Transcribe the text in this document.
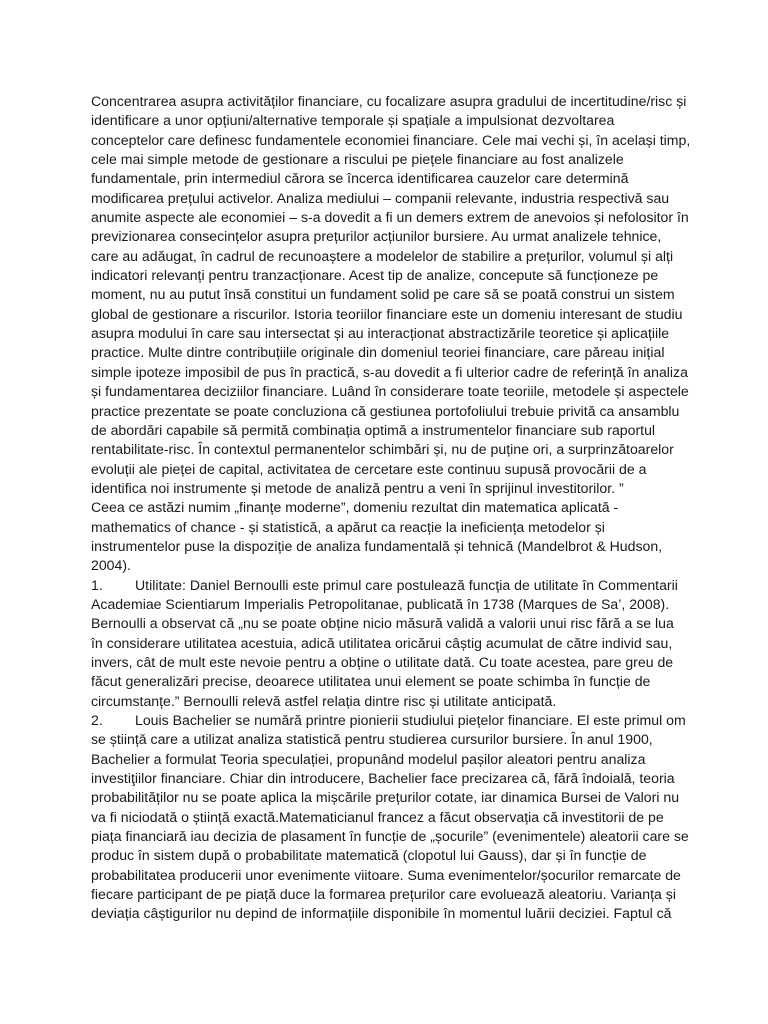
Concentrarea asupra activităților financiare, cu focalizare asupra gradului de incertitudine/risc și
identificare a unor opțiuni/alternative temporale și spațiale a impulsionat dezvoltarea
conceptelor care definesc fundamentele economiei financiare. Cele mai vechi și, în același timp,
cele mai simple metode de gestionare a riscului pe piețele financiare au fost analizele
fundamentale, prin intermediul cărora se încerca identificarea cauzelor care determină
modificarea prețului activelor. Analiza mediului – companii relevante, industria respectivă sau
anumite aspecte ale economiei – s-a dovedit a fi un demers extrem de anevoios și nefolositor în
previzionarea consecințelor asupra prețurilor acțiunilor bursiere. Au urmat analizele tehnice,
care au adăugat, în cadrul de recunoaștere a modelelor de stabilire a prețurilor, volumul și alți
indicatori relevanți pentru tranzacționare. Acest tip de analize, concepute să funcționeze pe
moment, nu au putut însă constitui un fundament solid pe care să se poată construi un sistem
global de gestionare a riscurilor. Istoria teoriilor financiare este un domeniu interesant de studiu
asupra modului în care sau intersectat și au interacționat abstractizările teoretice și aplicațiile
practice. Multe dintre contribuțiile originale din domeniul teoriei financiare, care păreau inițial
simple ipoteze imposibil de pus în practică, s-au dovedit a fi ulterior cadre de referință în analiza
și fundamentarea deciziilor financiare. Luând în considerare toate teoriile, metodele și aspectele
practice prezentate se poate concluziona că gestiunea portofoliului trebuie privită ca ansamblu
de abordări capabile să permită combinația optimă a instrumentelor financiare sub raportul
rentabilitate-risc. În contextul permanentelor schimbări și, nu de puține ori, a surprinzătoarelor
evoluții ale pieței de capital, activitatea de cercetare este continuu supusă provocării de a
identifica noi instrumente și metode de analiză pentru a veni în sprijinul investitorilor. ”
Ceea ce astăzi numim „finanțe moderne”, domeniu rezultat din matematica aplicată -
mathematics of chance - și statistică, a apărut ca reacție la ineficiența metodelor și
instrumentelor puse la dispoziție de analiza fundamentală și tehnică (Mandelbrot & Hudson,
2004).
1. Utilitate: Daniel Bernoulli este primul care postulează funcția de utilitate în Commentarii
Academiae Scientiarum Imperialis Petropolitanae, publicată în 1738 (Marques de Sa’, 2008).
Bernoulli a observat că „nu se poate obține nicio măsură validă a valorii unui risc fără a se lua
în considerare utilitatea acestuia, adică utilitatea oricărui câștig acumulat de către individ sau,
invers, cât de mult este nevoie pentru a obține o utilitate dată. Cu toate acestea, pare greu de
făcut generalizări precise, deoarece utilitatea unui element se poate schimba în funcție de
circumstanțe.” Bernoulli relevă astfel relația dintre risc și utilitate anticipată.
2. Louis Bachelier se numără printre pionierii studiului piețelor financiare. El este primul om
se științǎ care a utilizat analiza statistică pentru studierea cursurilor bursiere. În anul 1900,
Bachelier a formulat Teoria speculației, propunând modelul pașilor aleatori pentru analiza
investiţiilor financiare. Chiar din introducere, Bachelier face precizarea că, fără îndoială, teoria
probabilităților nu se poate aplica la mișcările prețurilor cotate, iar dinamica Bursei de Valori nu
va fi niciodată o știință exactă.Matematicianul francez a făcut observația că investitorii de pe
piața financiară iau decizia de plasament în funcție de „șocurile” (evenimentele) aleatorii care se
produc în sistem după o probabilitate matematică (clopotul lui Gauss), dar și în funcție de
probabilitatea producerii unor evenimente viitoare. Suma evenimentelor/șocurilor remarcate de
fiecare participant de pe piață duce la formarea prețurilor care evoluează aleatoriu. Varianța și
deviația câștigurilor nu depind de informațiile disponibile în momentul luării deciziei. Faptul că
